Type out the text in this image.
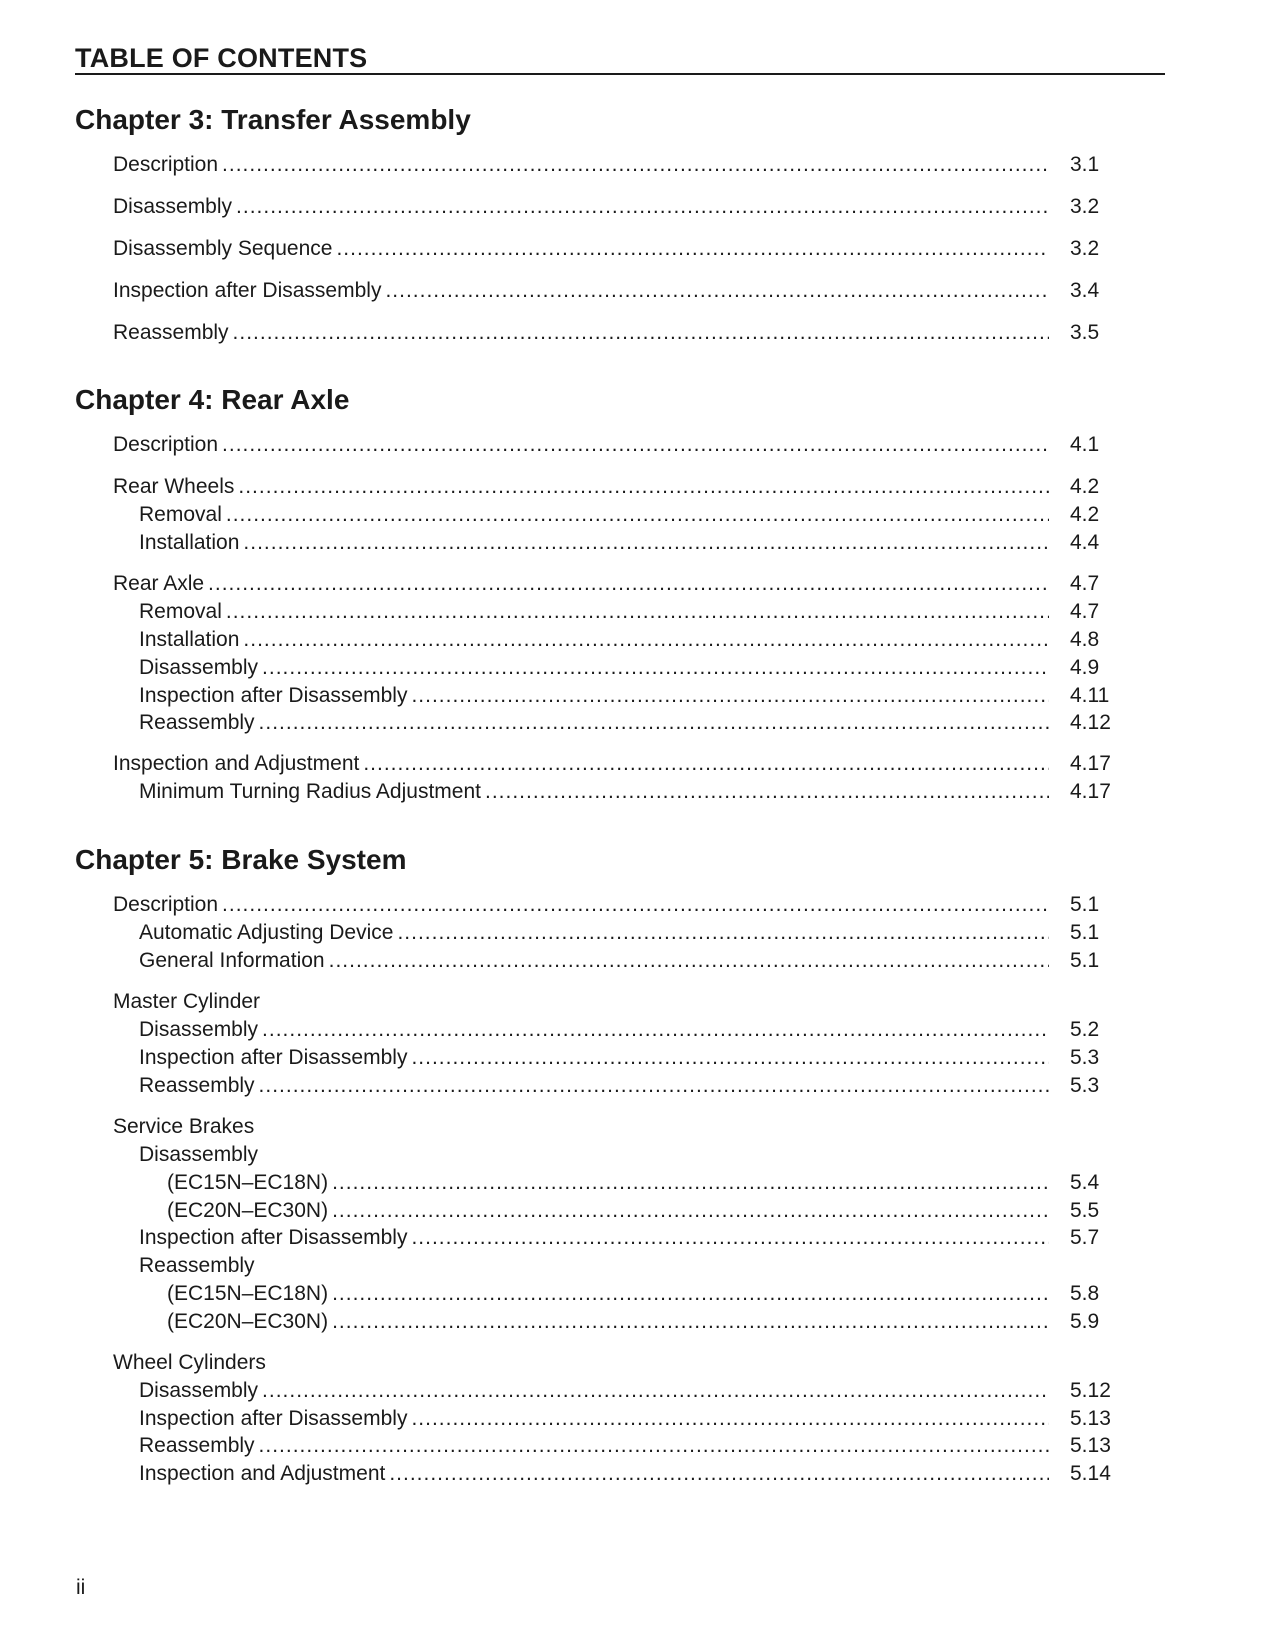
TABLE OF CONTENTS
Chapter 3: Transfer Assembly
Description .....	3.1
Disassembly .....	3.2
Disassembly Sequence .....	3.2
Inspection after Disassembly .....	3.4
Reassembly .....	3.5
Chapter 4: Rear Axle
Description .....	4.1
Rear Wheels .....	4.2
Removal .....	4.2
Installation .....	4.4
Rear Axle .....	4.7
Removal .....	4.7
Installation .....	4.8
Disassembly .....	4.9
Inspection after Disassembly .....	4.11
Reassembly .....	4.12
Inspection and Adjustment .....	4.17
Minimum Turning Radius Adjustment .....	4.17
Chapter 5: Brake System
Description .....	5.1
Automatic Adjusting Device .....	5.1
General Information .....	5.1
Master Cylinder
Disassembly .....	5.2
Inspection after Disassembly .....	5.3
Reassembly .....	5.3
Service Brakes
Disassembly
(EC15N–EC18N) .....	5.4
(EC20N–EC30N) .....	5.5
Inspection after Disassembly .....	5.7
Reassembly
(EC15N–EC18N) .....	5.8
(EC20N–EC30N) .....	5.9
Wheel Cylinders
Disassembly .....	5.12
Inspection after Disassembly .....	5.13
Reassembly .....	5.13
Inspection and Adjustment .....	5.14
ii
